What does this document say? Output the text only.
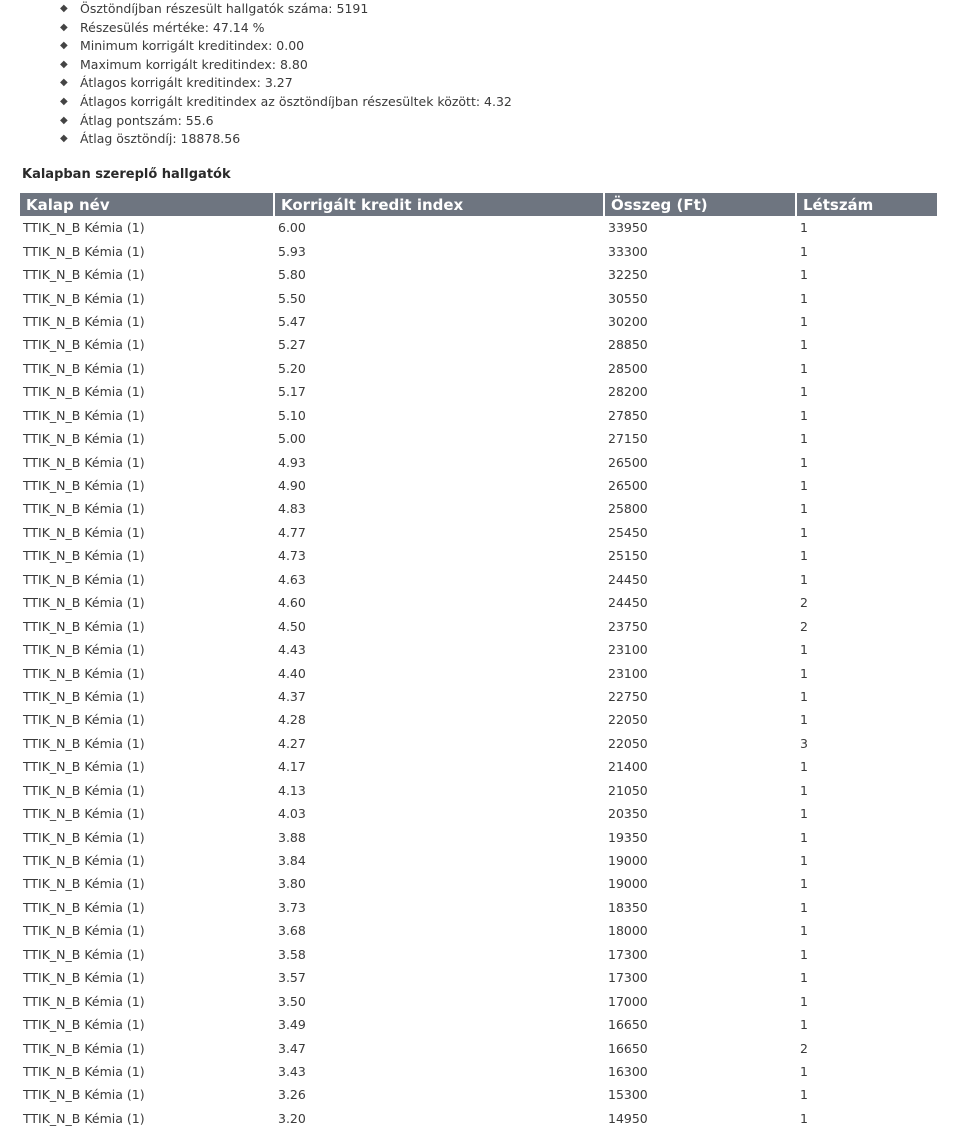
◆ Ösztöndíjban részesült hallgatók száma: 5191
◆ Részesülés mértéke: 47.14 %
◆ Minimum korrigált kreditindex: 0.00
◆ Maximum korrigált kreditindex: 8.80
◆ Átlagos korrigált kreditindex: 3.27
◆ Átlagos korrigált kreditindex az ösztöndíjban részesültek között: 4.32
◆ Átlag pontszám: 55.6
◆ Átlag ösztöndíj: 18878.56
Kalapban szereplő hallgatók
Kalap név	Korrigált kredit index	Összeg (Ft)	Létszám
TTIK_N_B Kémia (1)	6.00	33950	1
TTIK_N_B Kémia (1)	5.93	33300	1
TTIK_N_B Kémia (1)	5.80	32250	1
TTIK_N_B Kémia (1)	5.50	30550	1
TTIK_N_B Kémia (1)	5.47	30200	1
TTIK_N_B Kémia (1)	5.27	28850	1
TTIK_N_B Kémia (1)	5.20	28500	1
TTIK_N_B Kémia (1)	5.17	28200	1
TTIK_N_B Kémia (1)	5.10	27850	1
TTIK_N_B Kémia (1)	5.00	27150	1
TTIK_N_B Kémia (1)	4.93	26500	1
TTIK_N_B Kémia (1)	4.90	26500	1
TTIK_N_B Kémia (1)	4.83	25800	1
TTIK_N_B Kémia (1)	4.77	25450	1
TTIK_N_B Kémia (1)	4.73	25150	1
TTIK_N_B Kémia (1)	4.63	24450	1
TTIK_N_B Kémia (1)	4.60	24450	2
TTIK_N_B Kémia (1)	4.50	23750	2
TTIK_N_B Kémia (1)	4.43	23100	1
TTIK_N_B Kémia (1)	4.40	23100	1
TTIK_N_B Kémia (1)	4.37	22750	1
TTIK_N_B Kémia (1)	4.28	22050	1
TTIK_N_B Kémia (1)	4.27	22050	3
TTIK_N_B Kémia (1)	4.17	21400	1
TTIK_N_B Kémia (1)	4.13	21050	1
TTIK_N_B Kémia (1)	4.03	20350	1
TTIK_N_B Kémia (1)	3.88	19350	1
TTIK_N_B Kémia (1)	3.84	19000	1
TTIK_N_B Kémia (1)	3.80	19000	1
TTIK_N_B Kémia (1)	3.73	18350	1
TTIK_N_B Kémia (1)	3.68	18000	1
TTIK_N_B Kémia (1)	3.58	17300	1
TTIK_N_B Kémia (1)	3.57	17300	1
TTIK_N_B Kémia (1)	3.50	17000	1
TTIK_N_B Kémia (1)	3.49	16650	1
TTIK_N_B Kémia (1)	3.47	16650	2
TTIK_N_B Kémia (1)	3.43	16300	1
TTIK_N_B Kémia (1)	3.26	15300	1
TTIK_N_B Kémia (1)	3.20	14950	1
